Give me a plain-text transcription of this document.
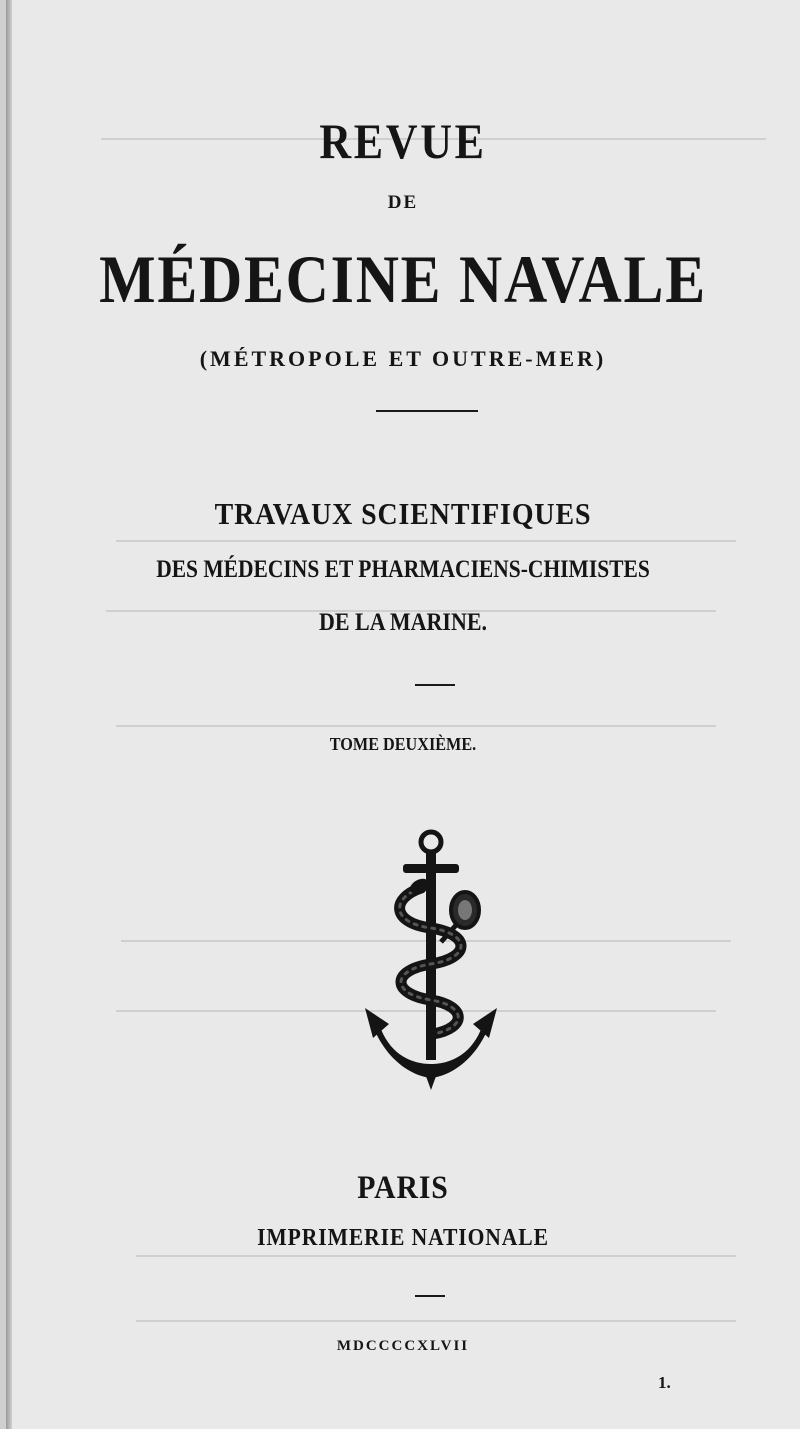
REVUE
DE
MÉDECINE NAVALE
(MÉTROPOLE ET OUTRE-MER)
TRAVAUX SCIENTIFIQUES
DES MÉDECINS ET PHARMACIENS-CHIMISTES
DE LA MARINE.
TOME DEUXIÈME.
PARIS
IMPRIMERIE NATIONALE
MDCCCCXLVII
1.
